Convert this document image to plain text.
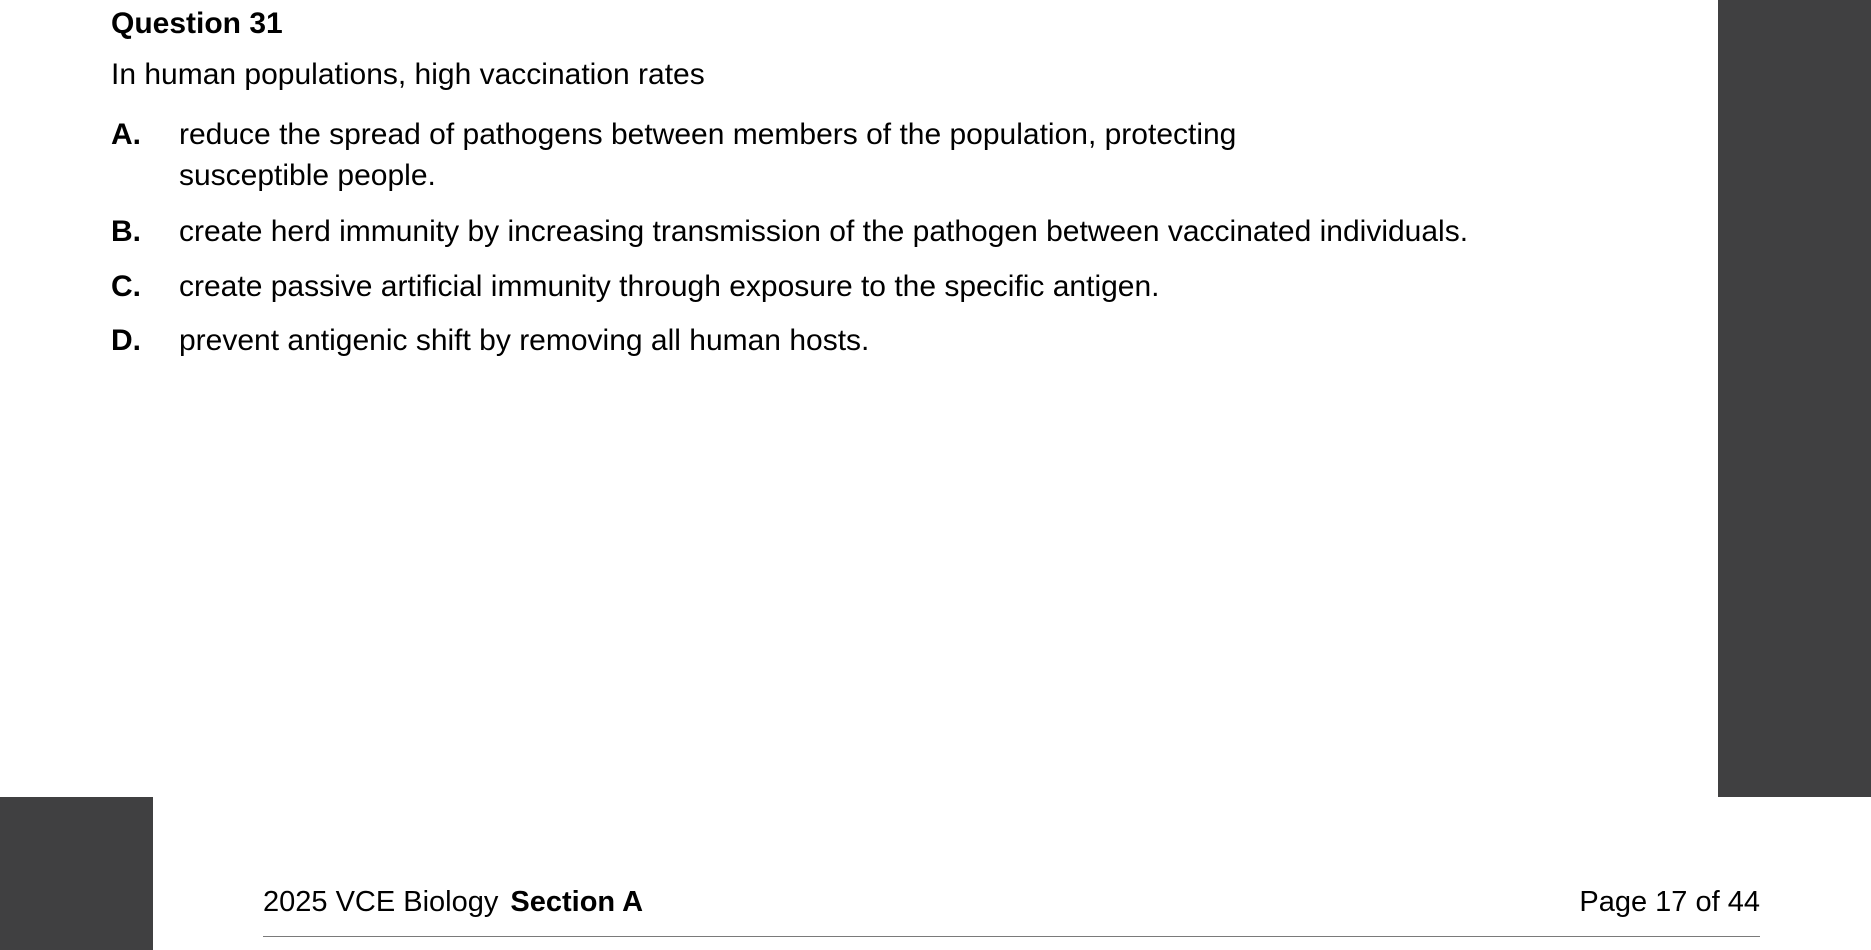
Question 31
In human populations, high vaccination rates
A. reduce the spread of pathogens between members of the population, protecting susceptible people.
B. create herd immunity by increasing transmission of the pathogen between vaccinated individuals.
C. create passive artificial immunity through exposure to the specific antigen.
D. prevent antigenic shift by removing all human hosts.
2025 VCE Biology Section A	Page 17 of 44
